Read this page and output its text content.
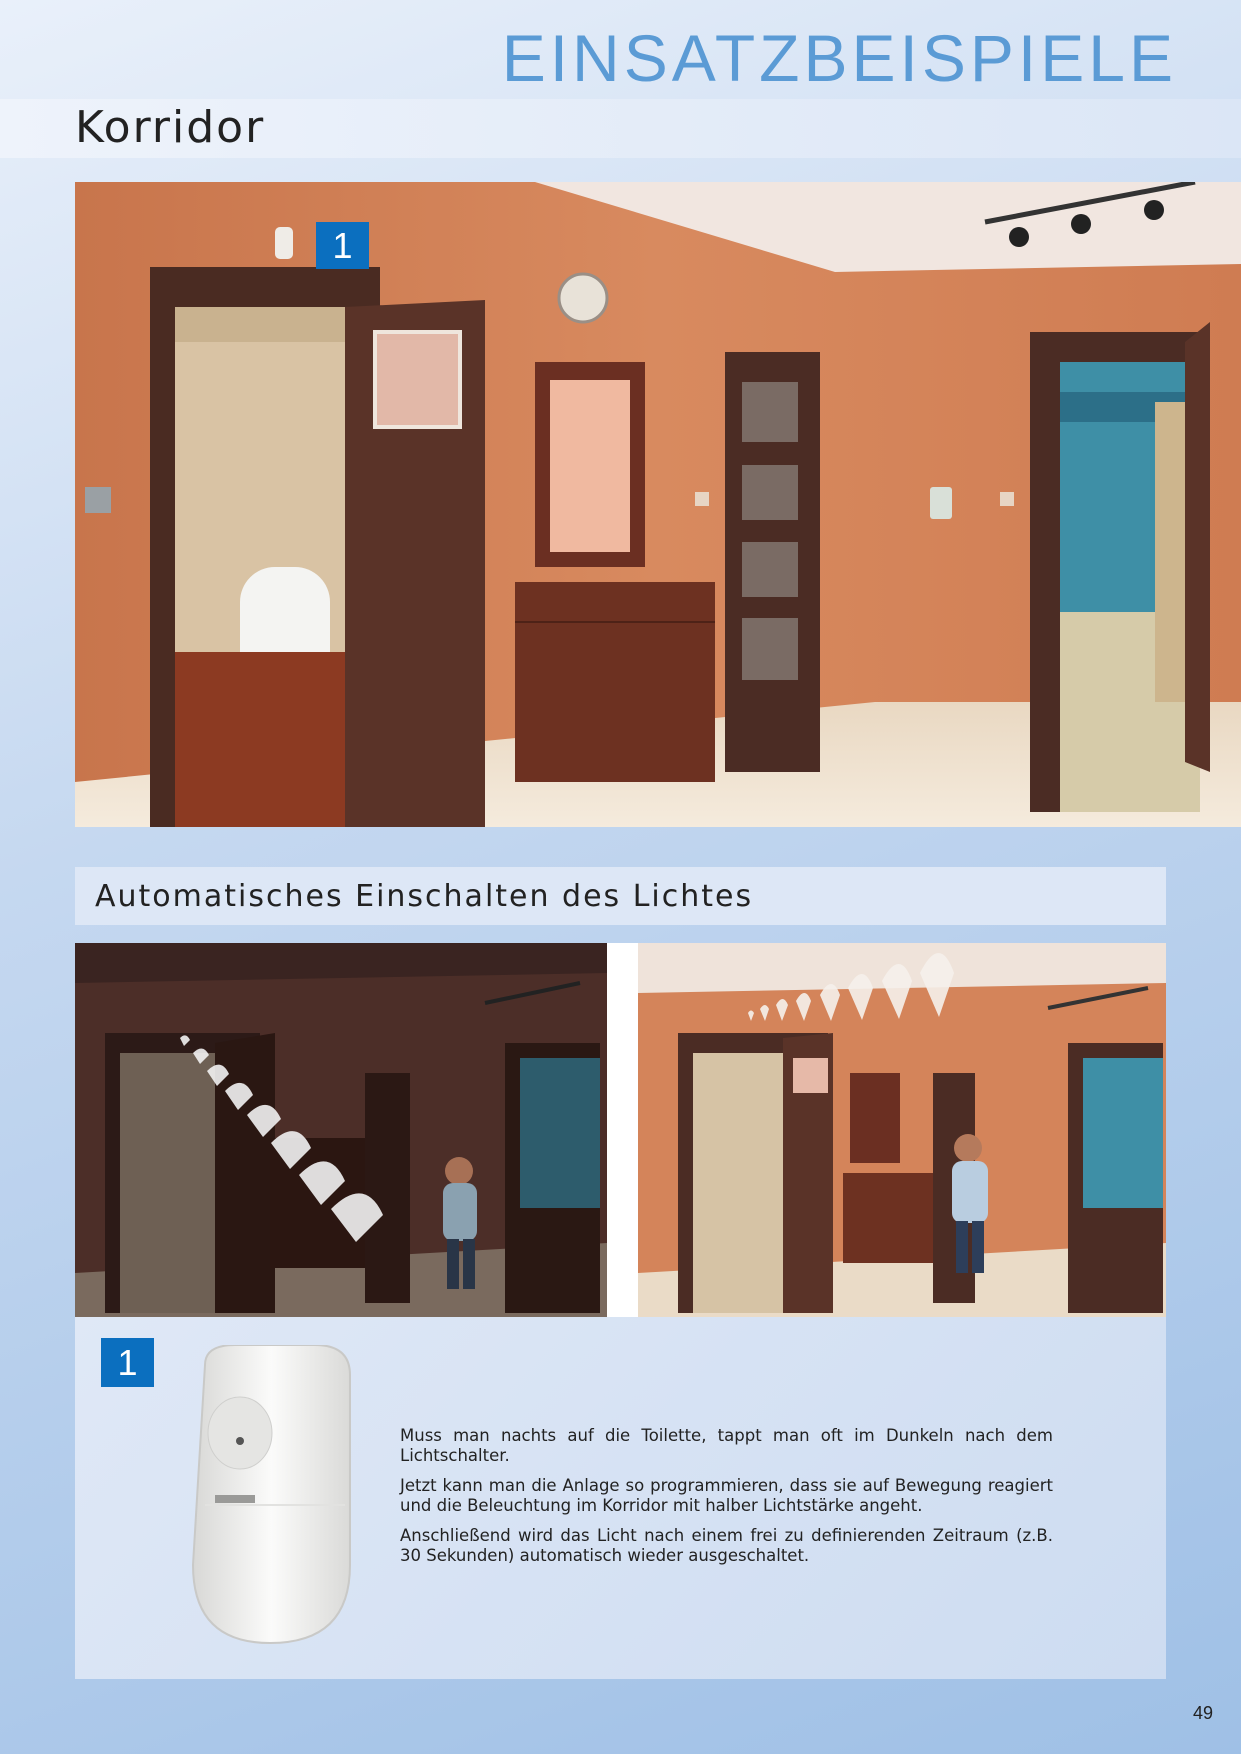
EINSATZBEISPIELE
Korridor
1
Automatisches Einschalten des Lichtes
1

Muss man nachts auf die Toilette, tappt man oft im Dunkeln nach dem Lichtschalter.

Jetzt kann man die Anlage so programmieren, dass sie auf Bewegung reagiert und die Beleuchtung im Korridor mit halber Lichtstärke angeht.

Anschließend wird das Licht nach einem frei zu definierenden Zeitraum (z.B. 30 Sekunden) automatisch wieder ausgeschaltet.

49
